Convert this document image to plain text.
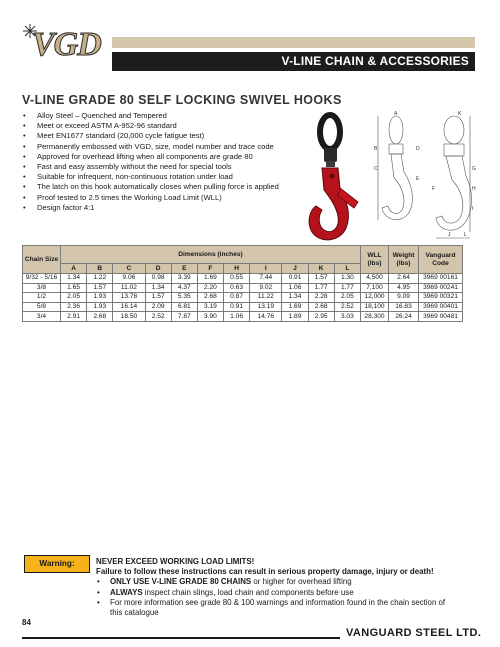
VGD	V-LINE CHAIN & ACCESSORIES
V-LINE GRADE 80 SELF LOCKING SWIVEL HOOKS
• Alloy Steel – Quenched and Tempered
• Meet or exceed ASTM A-952-96 standard
• Meet EN1677 standard (20,000 cycle fatigue test)
• Permanently embossed with VGD, size, model number and trace code
• Approved for overhead lifting when all components are grade 80
• Fast and easy assembly without the need for special tools
• Suitable for infrequent, non-continuous rotation under load
• The latch on this hook automatically closes when pulling force is applied
• Proof tested to 2.5 times the Working Load Limit (WLL)
• Design factor 4:1
A	K
B
C
D
E
F
G
H
I
J	L
Chain Size	Dimensions (inches)											WLL (lbs)	Weight (lbs)	Vanguard Code
	A	B	C	D	E	F	H	I	J	K	L			
9/32 - 5/16	1.34	1.22	9.06	0.98	3.39	1.69	0.55	7.44	0.91	1.57	1.30	4,500	2.64	3969 00161
3/8	1.65	1.57	11.02	1.34	4.37	2.20	0.63	9.02	1.06	1.77	1.77	7,100	4.95	3969 00241
1/2	2.05	1.93	13.78	1.57	5.35	2.68	0.87	11.22	1.34	2.28	2.05	12,000	9.09	3969 00321
5/8	2.36	1.93	16.14	2.09	6.81	3.19	0.91	13.19	1.69	2.68	2.52	18,100	16.83	3969 00401
3/4	2.91	2.68	18.50	2.52	7.87	3.90	1.06	14.76	1.89	2.95	3.03	28,300	26.24	3969 00481
Warning:	NEVER EXCEED WORKING LOAD LIMITS!
Failure to follow these instructions can result in serious property damage, injury or death!
• ONLY USE V-LINE GRADE 80 CHAINS or higher for overhead lifting
• ALWAYS inspect chain slings, load chain and components before use
• For more information see grade 80 & 100 warnings and information found in the chain section of
this catalogue
84
VANGUARD STEEL LTD.
